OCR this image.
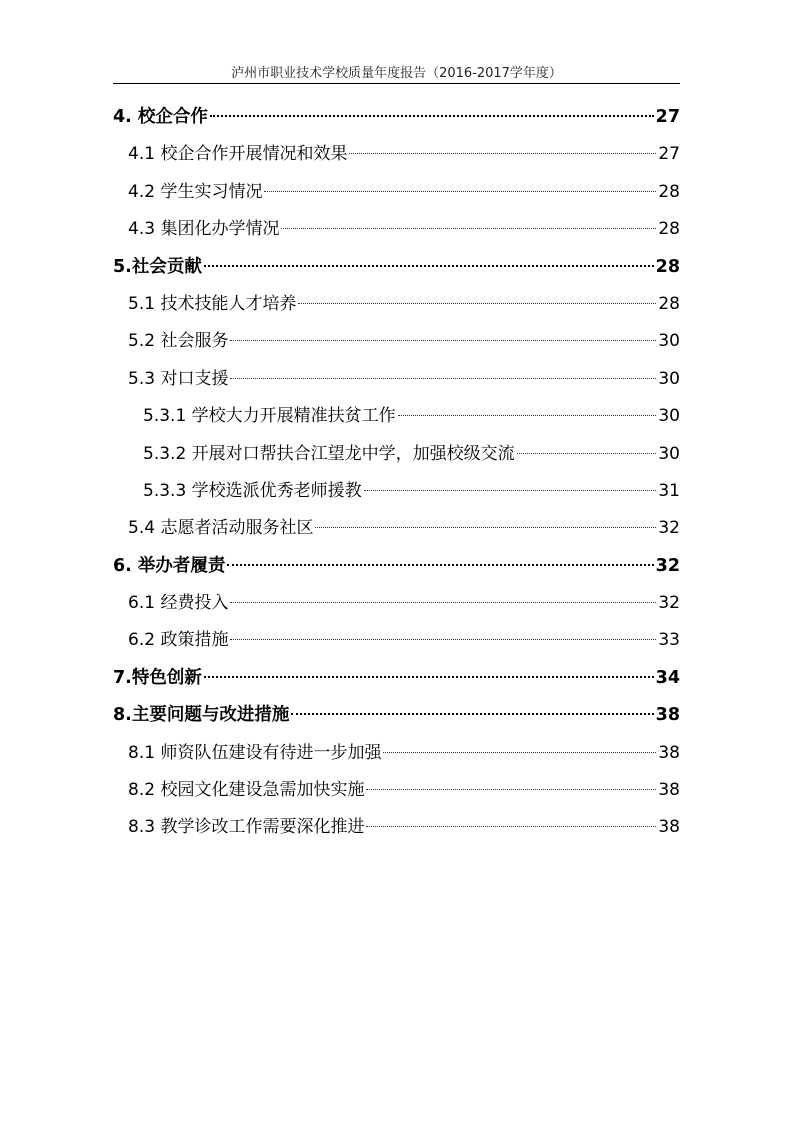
泸州市职业技术学校质量年度报告（2016-2017学年度）
4. 校企合作	27
4.1 校企合作开展情况和效果	27
4.2 学生实习情况	28
4.3 集团化办学情况	28
5.社会贡献	28
5.1 技术技能人才培养	28
5.2 社会服务	30
5.3 对口支援	30
5.3.1 学校大力开展精准扶贫工作	30
5.3.2 开展对口帮扶合江望龙中学，加强校级交流	30
5.3.3 学校选派优秀老师援教	31
5.4 志愿者活动服务社区	32
6. 举办者履责	32
6.1 经费投入	32
6.2 政策措施	33
7.特色创新	34
8.主要问题与改进措施	38
8.1 师资队伍建设有待进一步加强	38
8.2 校园文化建设急需加快实施	38
8.3 教学诊改工作需要深化推进	38
